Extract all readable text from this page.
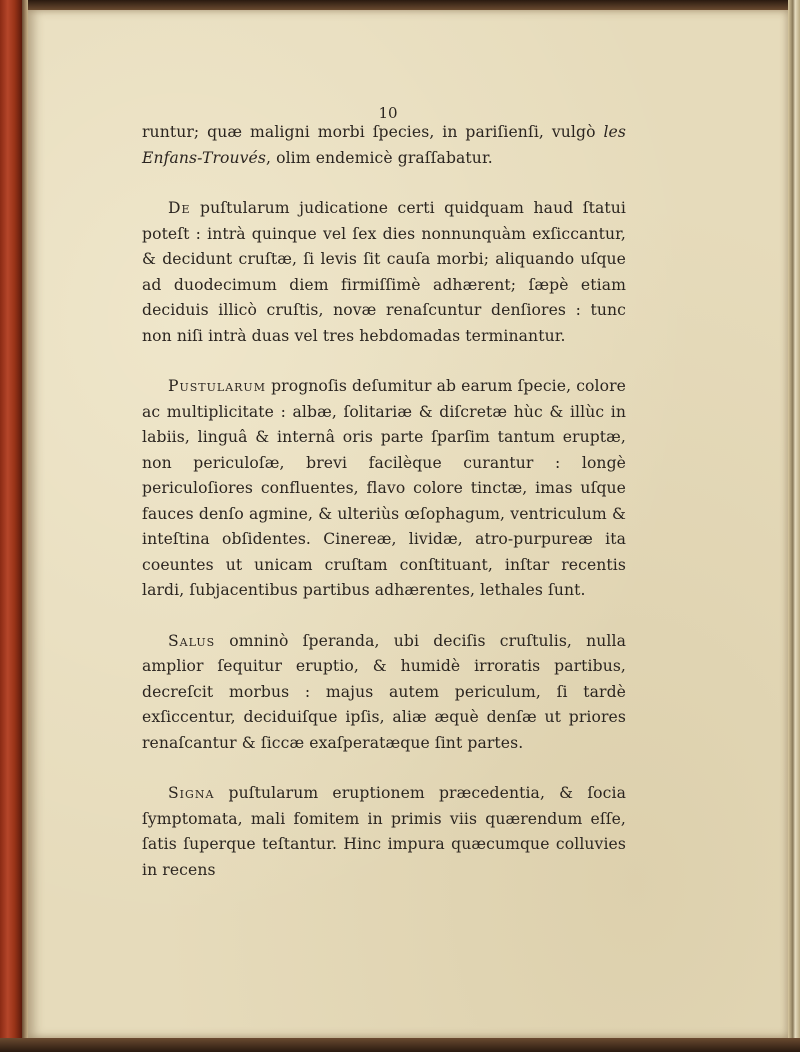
10

runtur; quæ maligni morbi ſpecies, in pariſienſi, vulgò les Enfans-Trouvés, olim endemicè graſſabatur.

De puſtularum judicatione certi quidquam haud ſtatui poteſt : intrà quinque vel ſex dies nonnunquàm exſiccantur, & decidunt cruſtæ, ſi levis ſit cauſa morbi; aliquando uſque ad duodecimum diem firmiſſimè adhærent; ſæpè etiam deciduis illicò cruſtis, novæ renaſcuntur denſiores : tunc non niſi intrà duas vel tres hebdomadas terminantur.

Pustularum prognoſis deſumitur ab earum ſpecie, colore ac multiplicitate : albæ, ſolitariæ & diſcretæ hùc & illùc in labiis, linguâ & internâ oris parte ſparſim tantum eruptæ, non periculoſæ, brevi facilèque curantur : longè periculoſiores confluentes, flavo colore tinctæ, imas uſque fauces denſo agmine, & ulteriùs œſophagum, ventriculum & inteſtina obſidentes. Cinereæ, lividæ, atro-purpureæ ita coeuntes ut unicam cruſtam conſtituant, inſtar recentis lardi, ſubjacentibus partibus adhærentes, lethales ſunt.

Salus omninò ſperanda, ubi deciſis cruſtulis, nulla amplior ſequitur eruptio, & humidè irroratis partibus, decreſcit morbus : majus autem periculum, ſi tardè exſiccentur, deciduiſque ipſis, aliæ æquè denſæ ut priores renaſcantur & ſiccæ exaſperatæque ſint partes.

Signa puſtularum eruptionem præcedentia, & ſocia ſymptomata, mali fomitem in primis viis quærendum eſſe, ſatis ſuperque teſtantur. Hinc impura quæcumque colluvies in recens
